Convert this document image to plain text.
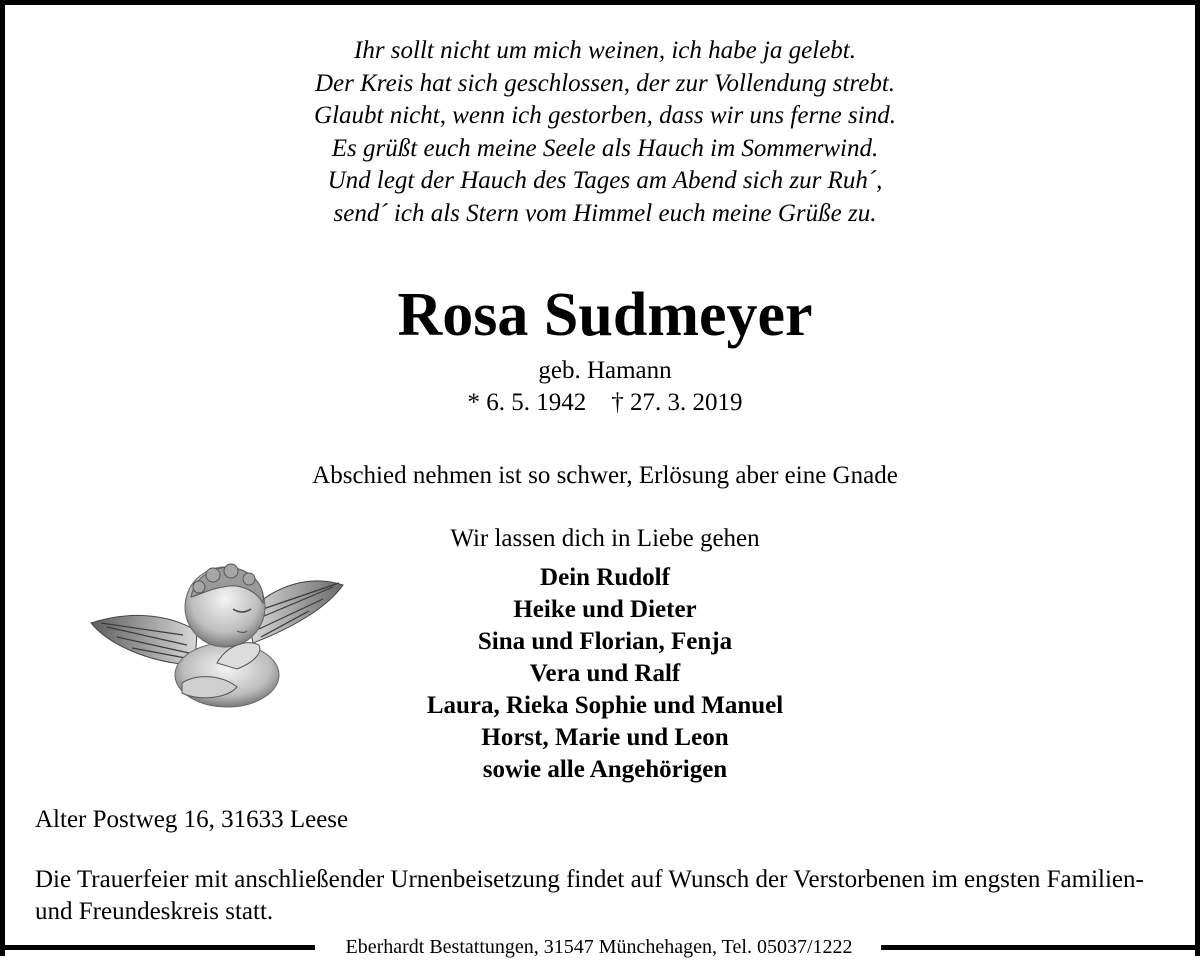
Ihr sollt nicht um mich weinen, ich habe ja gelebt.
Der Kreis hat sich geschlossen, der zur Vollendung strebt.
Glaubt nicht, wenn ich gestorben, dass wir uns ferne sind.
Es grüßt euch meine Seele als Hauch im Sommerwind.
Und legt der Hauch des Tages am Abend sich zur Ruh´,
send´ ich als Stern vom Himmel euch meine Grüße zu.
Rosa Sudmeyer
geb. Hamann
* 6. 5. 1942    † 27. 3. 2019
Abschied nehmen ist so schwer, Erlösung aber eine Gnade
Wir lassen dich in Liebe gehen
Dein Rudolf
Heike und Dieter
Sina und Florian, Fenja
Vera und Ralf
Laura, Rieka Sophie und Manuel
Horst, Marie und Leon
sowie alle Angehörigen
Alter Postweg 16, 31633 Leese
Die Trauerfeier mit anschließender Urnenbeisetzung findet auf Wunsch der Verstorbenen im engsten Familien- und Freundeskreis statt.
Eberhardt Bestattungen, 31547 Münchehagen, Tel. 05037/1222
